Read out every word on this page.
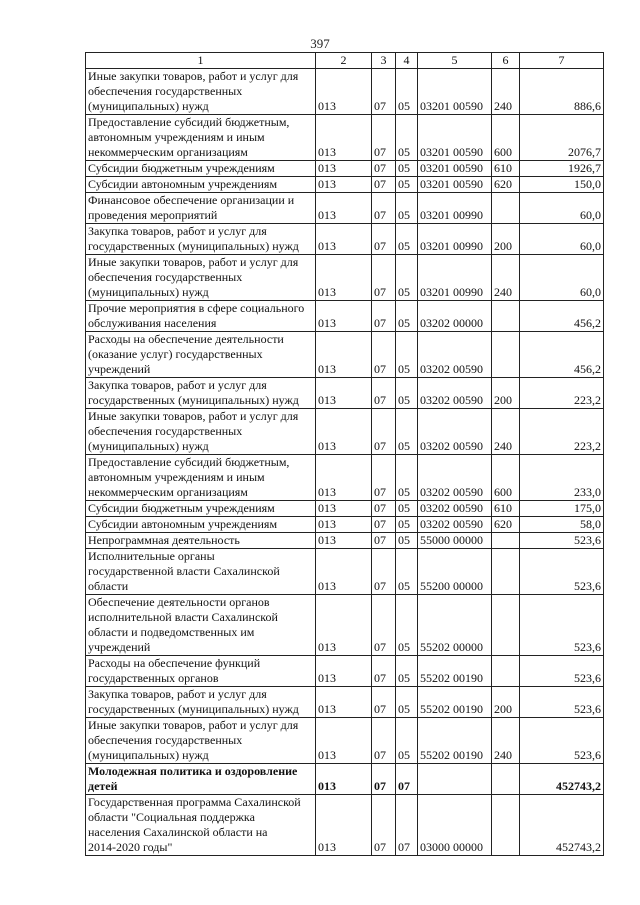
397
1	2	3	4	5	6	7
Иные закупки товаров, работ и услуг для
обеспечения государственных
(муниципальных) нужд	013	07	05	03201 00590	240	886,6
Предоставление субсидий бюджетным,
автономным учреждениям и иным
некоммерческим организациям	013	07	05	03201 00590	600	2076,7
Субсидии бюджетным учреждениям	013	07	05	03201 00590	610	1926,7
Субсидии автономным учреждениям	013	07	05	03201 00590	620	150,0
Финансовое обеспечение организации и
проведения мероприятий	013	07	05	03201 00990		60,0
Закупка товаров, работ и услуг для
государственных (муниципальных) нужд	013	07	05	03201 00990	200	60,0
Иные закупки товаров, работ и услуг для
обеспечения государственных
(муниципальных) нужд	013	07	05	03201 00990	240	60,0
Прочие мероприятия в сфере социального
обслуживания населения	013	07	05	03202 00000		456,2
Расходы на обеспечение деятельности
(оказание услуг) государственных
учреждений	013	07	05	03202 00590		456,2
Закупка товаров, работ и услуг для
государственных (муниципальных) нужд	013	07	05	03202 00590	200	223,2
Иные закупки товаров, работ и услуг для
обеспечения государственных
(муниципальных) нужд	013	07	05	03202 00590	240	223,2
Предоставление субсидий бюджетным,
автономным учреждениям и иным
некоммерческим организациям	013	07	05	03202 00590	600	233,0
Субсидии бюджетным учреждениям	013	07	05	03202 00590	610	175,0
Субсидии автономным учреждениям	013	07	05	03202 00590	620	58,0
Непрограммная деятельность	013	07	05	55000 00000		523,6
Исполнительные органы
государственной власти Сахалинской
области	013	07	05	55200 00000		523,6
Обеспечение деятельности органов
исполнительной власти Сахалинской
области и подведомственных им
учреждений	013	07	05	55202 00000		523,6
Расходы на обеспечение функций
государственных органов	013	07	05	55202 00190		523,6
Закупка товаров, работ и услуг для
государственных (муниципальных) нужд	013	07	05	55202 00190	200	523,6
Иные закупки товаров, работ и услуг для
обеспечения государственных
(муниципальных) нужд	013	07	05	55202 00190	240	523,6
Молодежная политика и оздоровление
детей	013	07	07			452743,2
Государственная программа Сахалинской
области "Социальная поддержка
населения Сахалинской области на
2014-2020 годы"	013	07	07	03000 00000		452743,2
